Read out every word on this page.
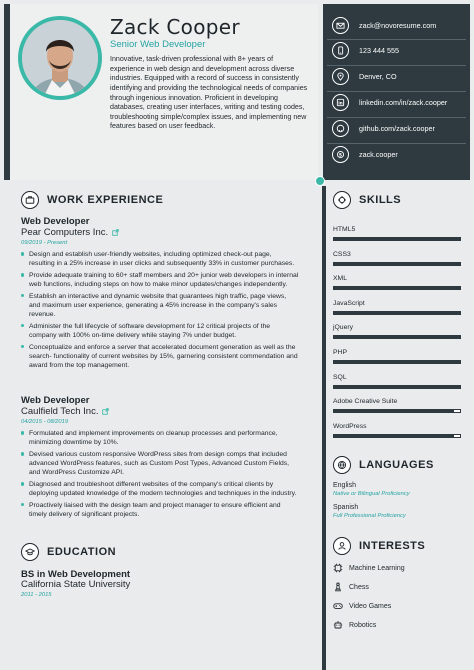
Zack Cooper
Senior Web Developer
Innovative, task-driven professional with 8+ years of experience in web design and development across diverse industries. Equipped with a record of success in consistently identifying and providing the technological needs of companies through ingenious innovation. Proficient in developing databases, creating user interfaces, writing and testing codes, troubleshooting simple/complex issues, and implementing new features based on user feedback.
zack@novoresume.com
123 444 555
Denver, CO
in linkedin.com/in/zack.cooper
github.com/zack.cooper
S zack.cooper
WORK EXPERIENCE
Web Developer
Pear Computers Inc.
09/2019 - Present
Design and establish user-friendly websites, including optimized check-out page, resulting in a 25% increase in user clicks and subsequently 33% in customer purchases.
Provide adequate training to 60+ staff members and 20+ junior web developers in internal web functions, including steps on how to make minor updates/changes independently.
Establish an interactive and dynamic website that guarantees high traffic, page views, and maximum user experience, generating a 45% increase in the company's sales revenue.
Administer the full lifecycle of software development for 12 critical projects of the company with 100% on-time delivery while staying 7% under budget.
Conceptualize and enforce a server that accelerated document generation as well as the search- functionality of current websites by 15%, garnering consistent commendation and award from the top management.
Web Developer
Caulfield Tech Inc.
04/2015 - 08/2019
Formulated and implement improvements on cleanup processes and performance, minimizing downtime by 10%.
Devised various custom responsive WordPress sites from design comps that included advanced WordPress features, such as Custom Post Types, Advanced Custom Fields, and WordPress Customize API.
Diagnosed and troubleshoot different websites of the company's critical clients by deploying updated knowledge of the modern technologies and techniques in the industry.
Proactively liaised with the design team and project manager to ensure efficient and timely delivery of significant projects.
EDUCATION
BS in Web Development
California State University
2011 - 2015
SKILLS
HTML5
CSS3
XML
JavaScript
jQuery
PHP
SQL
Adobe Creative Suite
WordPress
LANGUAGES
English
Native or Bilingual Proficiency
Spanish
Full Professional Proficiency
INTERESTS
Machine Learning
Chess
Video Games
Robotics
